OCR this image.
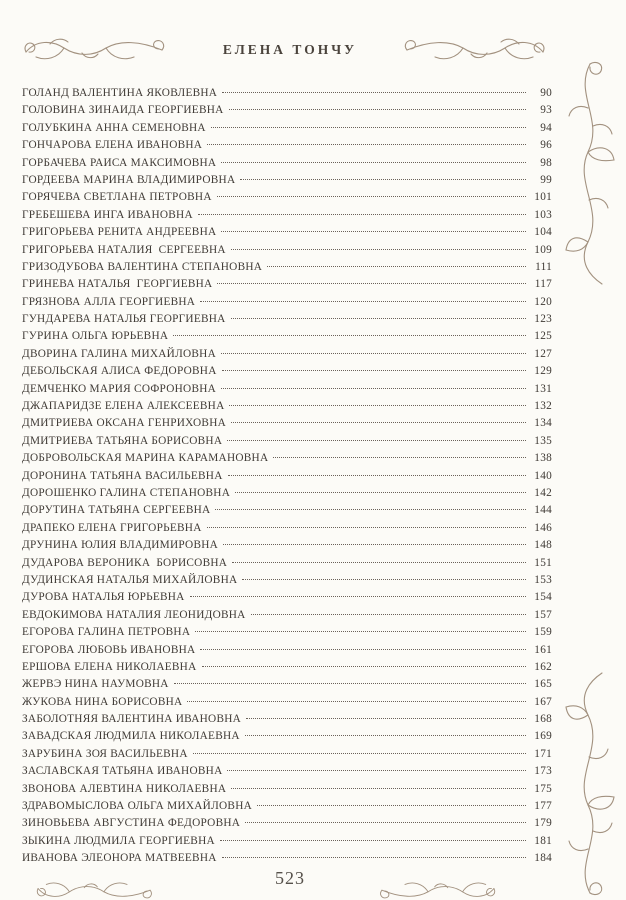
ЕЛЕНА ТОНЧУ
ГОЛАНД ВАЛЕНТИНА ЯКОВЛЕВНА	90
ГОЛОВИНА ЗИНАИДА ГЕОРГИЕВНА	93
ГОЛУБКИНА АННА СЕМЕНОВНА	94
ГОНЧАРОВА ЕЛЕНА ИВАНОВНА	96
ГОРБАЧЕВА РАИСА МАКСИМОВНА	98
ГОРДЕЕВА МАРИНА ВЛАДИМИРОВНА	99
ГОРЯЧЕВА СВЕТЛАНА ПЕТРОВНА	101
ГРЕБЕШЕВА ИНГА ИВАНОВНА	103
ГРИГОРЬЕВА РЕНИТА АНДРЕЕВНА	104
ГРИГОРЬЕВА НАТАЛИЯ  СЕРГЕЕВНА	109
ГРИЗОДУБОВА ВАЛЕНТИНА СТЕПАНОВНА	111
ГРИНЕВА НАТАЛЬЯ  ГЕОРГИЕВНА	117
ГРЯЗНОВА АЛЛА ГЕОРГИЕВНА	120
ГУНДАРЕВА НАТАЛЬЯ ГЕОРГИЕВНА	123
ГУРИНА ОЛЬГА ЮРЬЕВНА	125
ДВОРИНА ГАЛИНА МИХАЙЛОВНА	127
ДЕБОЛЬСКАЯ АЛИСА ФЕДОРОВНА	129
ДЕМЧЕНКО МАРИЯ СОФРОНОВНА	131
ДЖАПАРИДЗЕ ЕЛЕНА АЛЕКСЕЕВНА	132
ДМИТРИЕВА ОКСАНА ГЕНРИХОВНА	134
ДМИТРИЕВА ТАТЬЯНА БОРИСОВНА	135
ДОБРОВОЛЬСКАЯ МАРИНА КАРАМАНОВНА	138
ДОРОНИНА ТАТЬЯНА ВАСИЛЬЕВНА	140
ДОРОШЕНКО ГАЛИНА СТЕПАНОВНА	142
ДОРУТИНА ТАТЬЯНА СЕРГЕЕВНА	144
ДРАПЕКО ЕЛЕНА ГРИГОРЬЕВНА	146
ДРУНИНА ЮЛИЯ ВЛАДИМИРОВНА	148
ДУДАРОВА ВЕРОНИКА  БОРИСОВНА	151
ДУДИНСКАЯ НАТАЛЬЯ МИХАЙЛОВНА	153
ДУРОВА НАТАЛЬЯ ЮРЬЕВНА	154
ЕВДОКИМОВА НАТАЛИЯ ЛЕОНИДОВНА	157
ЕГОРОВА ГАЛИНА ПЕТРОВНА	159
ЕГОРОВА ЛЮБОВЬ ИВАНОВНА	161
ЕРШОВА ЕЛЕНА НИКОЛАЕВНА	162
ЖЕРВЭ НИНА НАУМОВНА	165
ЖУКОВА НИНА БОРИСОВНА	167
ЗАБОЛОТНЯЯ ВАЛЕНТИНА ИВАНОВНА	168
ЗАВАДСКАЯ ЛЮДМИЛА НИКОЛАЕВНА	169
ЗАРУБИНА ЗОЯ ВАСИЛЬЕВНА	171
ЗАСЛАВСКАЯ ТАТЬЯНА ИВАНОВНА	173
ЗВОНОВА АЛЕВТИНА НИКОЛАЕВНА	175
ЗДРАВОМЫСЛОВА ОЛЬГА МИХАЙЛОВНА	177
ЗИНОВЬЕВА АВГУСТИНА ФЕДОРОВНА	179
ЗЫКИНА ЛЮДМИЛА ГЕОРГИЕВНА	181
ИВАНОВА ЭЛЕОНОРА МАТВЕЕВНА	184
523
